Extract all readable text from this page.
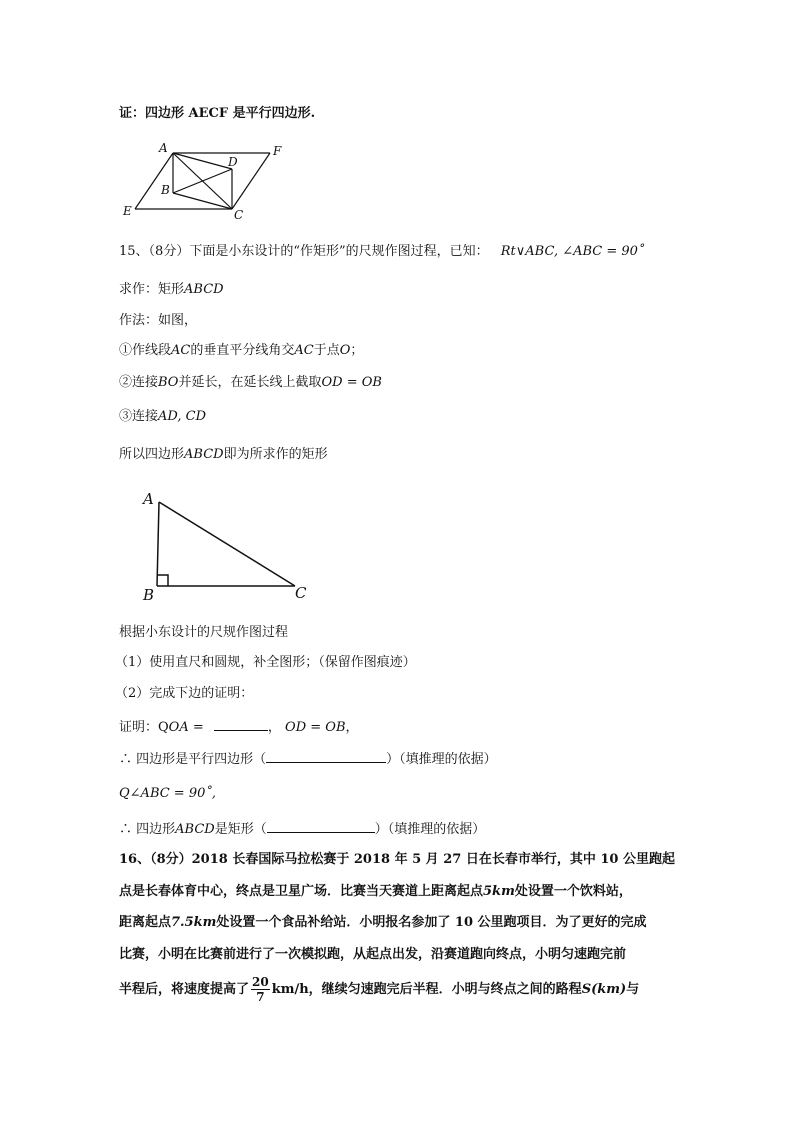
证：四边形 AECF 是平行四边形.
A
D
F
B
E	C
15、（8分）下面是小东设计的“作矩形”的尺规作图过程，已知： Rt∨ABC, ∠ABC = 90˚
求作：矩形ABCD
作法：如图，
①作线段AC的垂直平分线角交AC于点O；
②连接BO并延长，在延长线上截取OD = OB
③连接AD, CD
所以四边形ABCD即为所求作的矩形
A
B	C
根据小东设计的尺规作图过程
（1）使用直尺和圆规，补全图形；（保留作图痕迹）
（2）完成下边的证明：
证明：QOA =	， OD = OB，
∴ 四边形是平行四边形（	）（填推理的依据）
Q∠ABC = 90˚,
∴ 四边形ABCD是矩形（	）（填推理的依据）
16、（8分）2018 长春国际马拉松赛于 2018 年 5 月 27 日在长春市举行，其中 10 公里跑起
点是长春体育中心，终点是卫星广场．比赛当天赛道上距离起点5km处设置一个饮料站，
距离起点7.5km处设置一个食品补给站．小明报名参加了 10 公里跑项目．为了更好的完成
比赛，小明在比赛前进行了一次模拟跑，从起点出发，沿赛道跑向终点，小明匀速跑完前
半程后，将速度提高了 $\frac{20}{7} km/h$，继续匀速跑完后半程．小明与终点之间的路程S(km)与
